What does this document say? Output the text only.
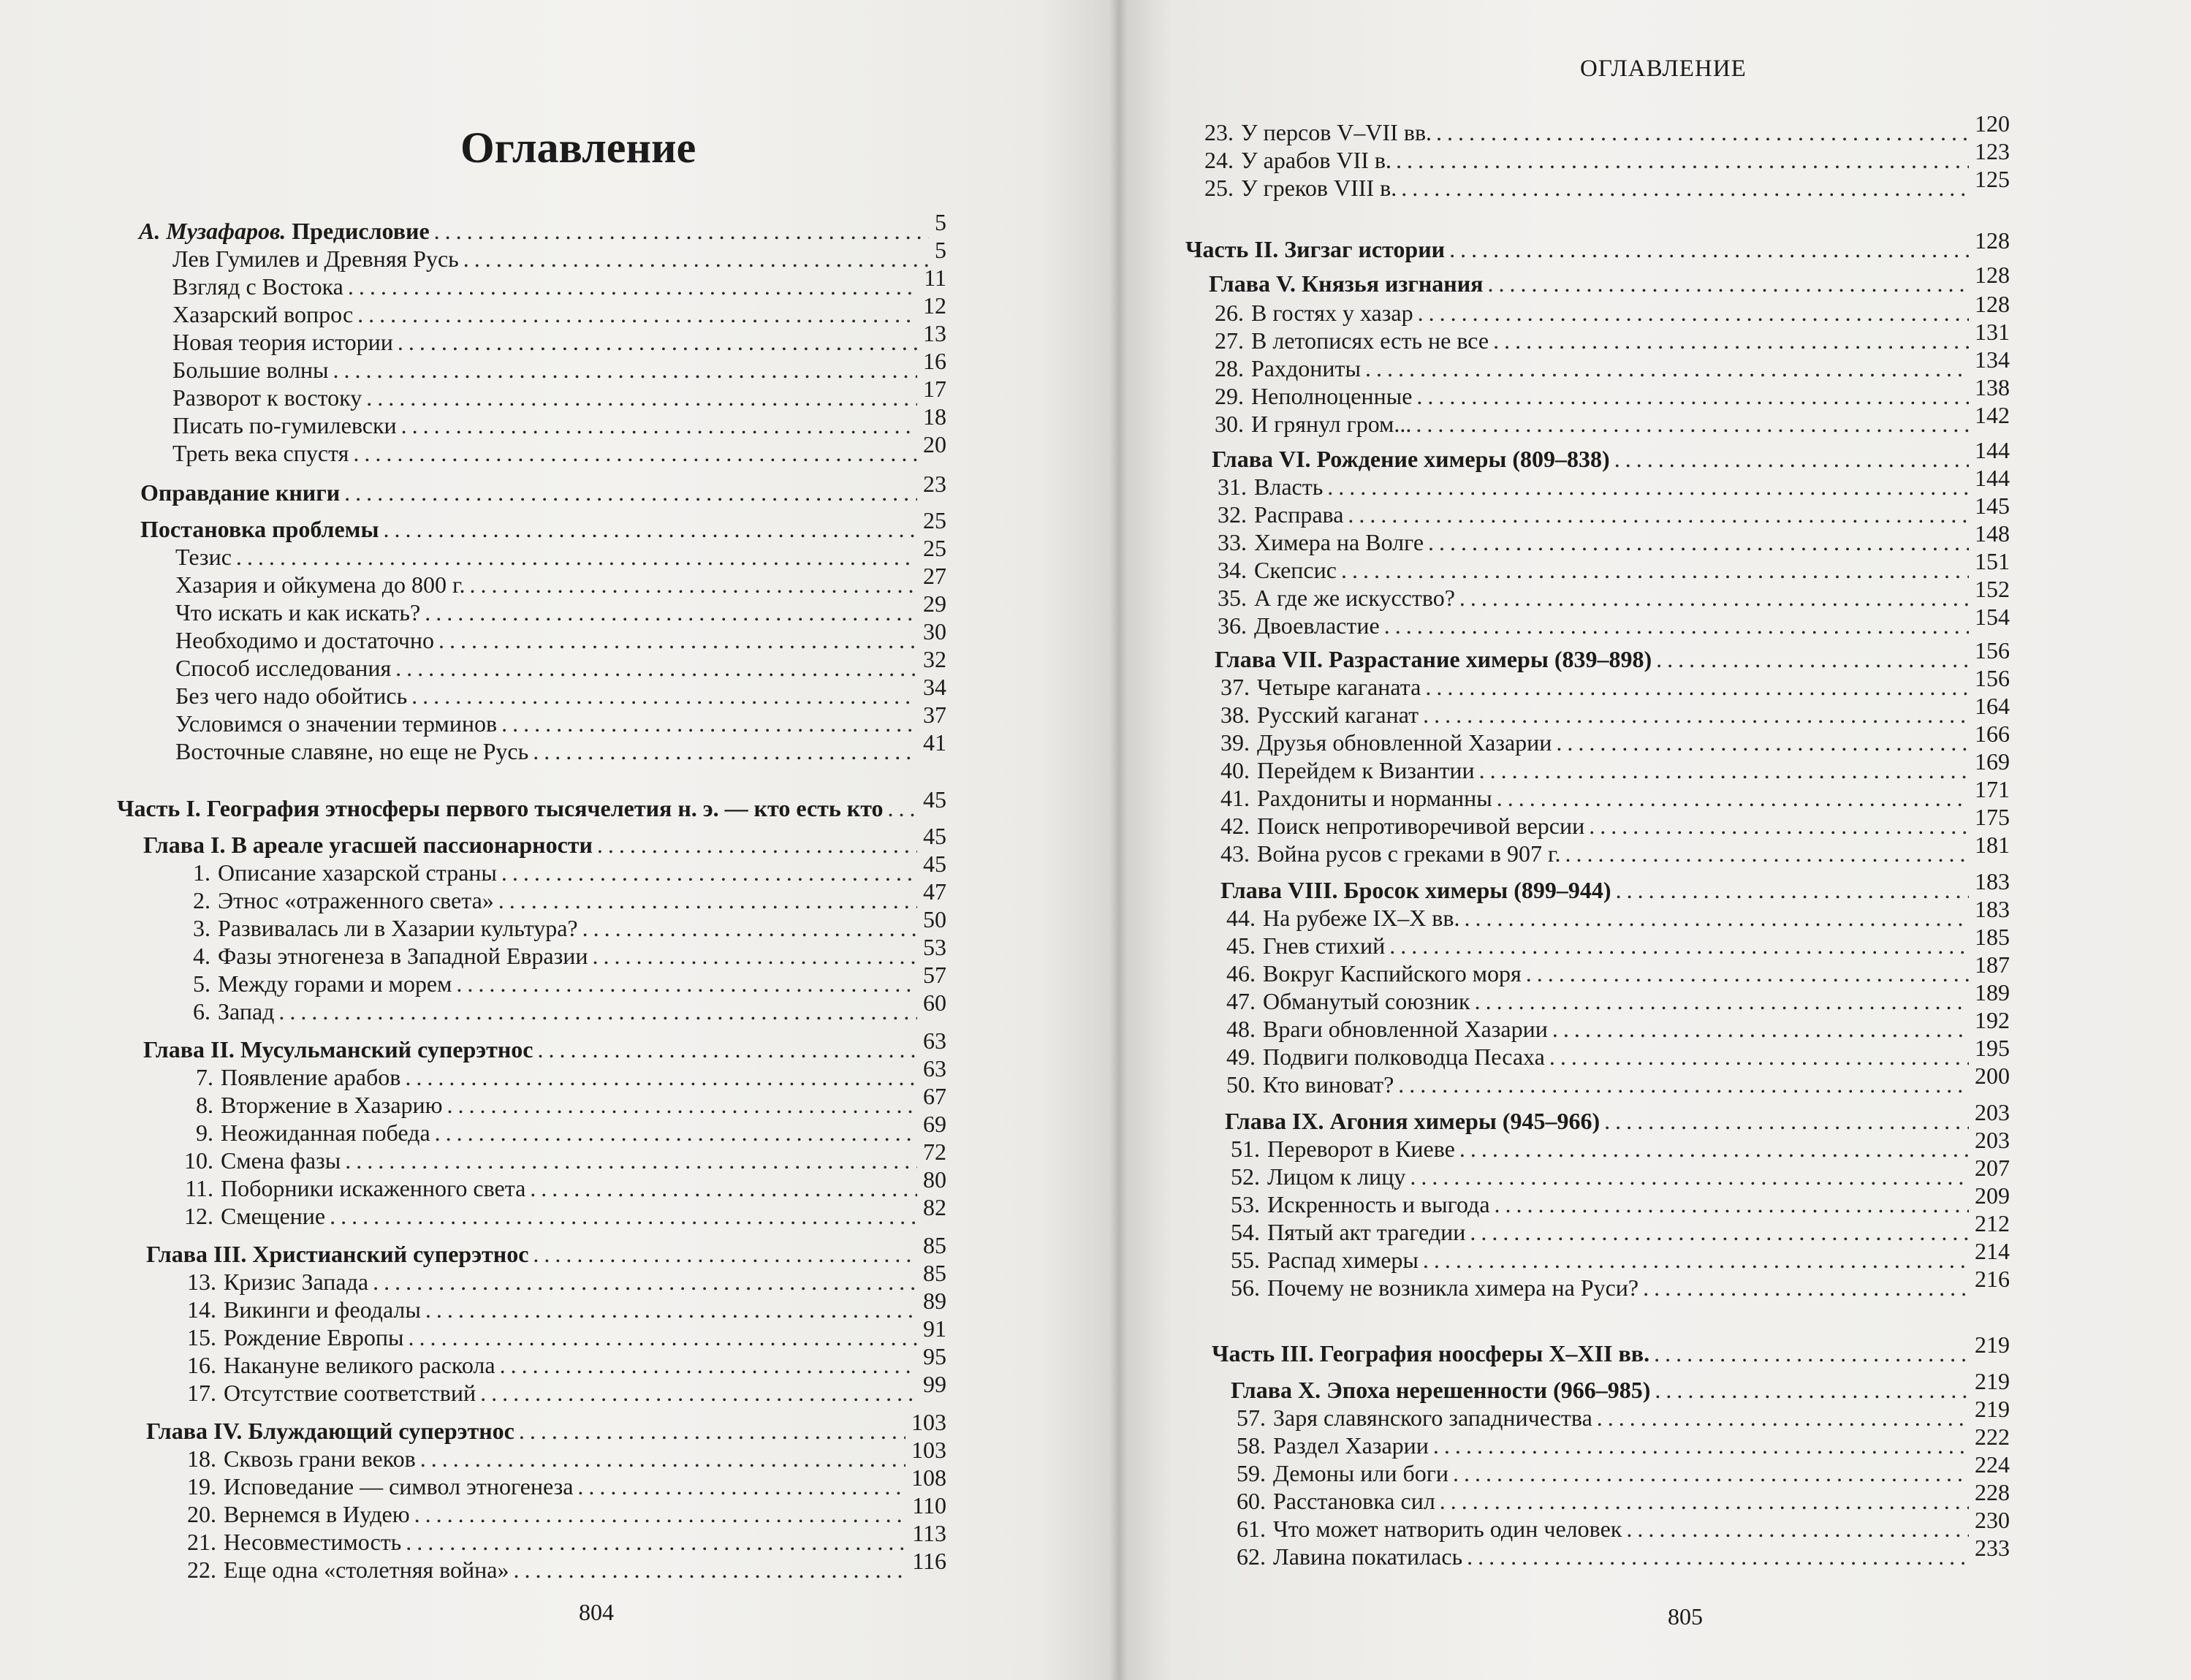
Оглавление
А. Музафаров. Предисловие .....	5
Лев Гумилев и Древняя Русь .....	5
Взгляд с Востока .....	11
Хазарский вопрос .....	12
Новая теория истории .....	13
Большие волны .....	16
Разворот к востоку .....	17
Писать по-гумилевски .....	18
Треть века спустя .....	20
Оправдание книги .....	23
Постановка проблемы .....	25
Тезис .....	25
Хазария и ойкумена до 800 г. .....	27
Что искать и как искать? .....	29
Необходимо и достаточно .....	30
Способ исследования .....	32
Без чего надо обойтись .....	34
Условимся о значении терминов .....	37
Восточные славяне, но еще не Русь .....	41
Часть I. География этносферы первого тысячелетия н. э. — кто есть кто ..... 45
Глава I. В ареале угасшей пассионарности .....	45
1. Описание хазарской страны .....	45
2. Этнос «отраженного света» .....	47
3. Развивалась ли в Хазарии культура? .....	50
4. Фазы этногенеза в Западной Евразии .....	53
5. Между горами и морем .....	57
6. Запад .....	60
Глава II. Мусульманский суперэтнос .....	63
7. Появление арабов .....	63
8. Вторжение в Хазарию .....	67
9. Неожиданная победа .....	69
10. Смена фазы .....	72
11. Поборники искаженного света .....	80
12. Смещение .....	82
Глава III. Христианский суперэтнос .....	85
13. Кризис Запада .....	85
14. Викинги и феодалы .....	89
15. Рождение Европы .....	91
16. Накануне великого раскола .....	95
17. Отсутствие соответствий .....	99
Глава IV. Блуждающий суперэтнос .....	103
18. Сквозь грани веков .....	103
19. Исповедание — символ этногенеза .....	108
20. Вернемся в Иудею .....	110
21. Несовместимость .....	113
22. Еще одна «столетняя война» .....	116
804
ОГЛАВЛЕНИЕ
23. У персов V–VII вв. .....	120
24. У арабов VII в. .....	123
25. У греков VIII в. .....	125
Часть II. Зигзаг истории .....	128
Глава V. Князья изгнания .....	128
26. В гостях у хазар .....	128
27. В летописях есть не все .....	131
28. Рахдониты .....	134
29. Неполноценные .....	138
30. И грянул гром... .....	142
Глава VI. Рождение химеры (809–838) .....	144
31. Власть .....	144
32. Расправа .....	145
33. Химера на Волге .....	148
34. Скепсис .....	151
35. А где же искусство? .....	152
36. Двоевластие .....	154
Глава VII. Разрастание химеры (839–898) .....	156
37. Четыре каганата .....	156
38. Русский каганат .....	164
39. Друзья обновленной Хазарии .....	166
40. Перейдем к Византии .....	169
41. Рахдониты и норманны .....	171
42. Поиск непротиворечивой версии .....	175
43. Война русов с греками в 907 г. .....	181
Глава VIII. Бросок химеры (899–944) .....	183
44. На рубеже IX–X вв. .....	183
45. Гнев стихий .....	185
46. Вокруг Каспийского моря .....	187
47. Обманутый союзник .....	189
48. Враги обновленной Хазарии .....	192
49. Подвиги полководца Песаха .....	195
50. Кто виноват? .....	200
Глава IX. Агония химеры (945–966) .....	203
51. Переворот в Киеве .....	203
52. Лицом к лицу .....	207
53. Искренность и выгода .....	209
54. Пятый акт трагедии .....	212
55. Распад химеры .....	214
56. Почему не возникла химера на Руси? .....	216
Часть III. География ноосферы X–XII вв. .....	219
Глава X. Эпоха нерешенности (966–985) .....	219
57. Заря славянского западничества .....	219
58. Раздел Хазарии .....	222
59. Демоны или боги .....	224
60. Расстановка сил .....	228
61. Что может натворить один человек .....	230
62. Лавина покатилась .....	233
805
